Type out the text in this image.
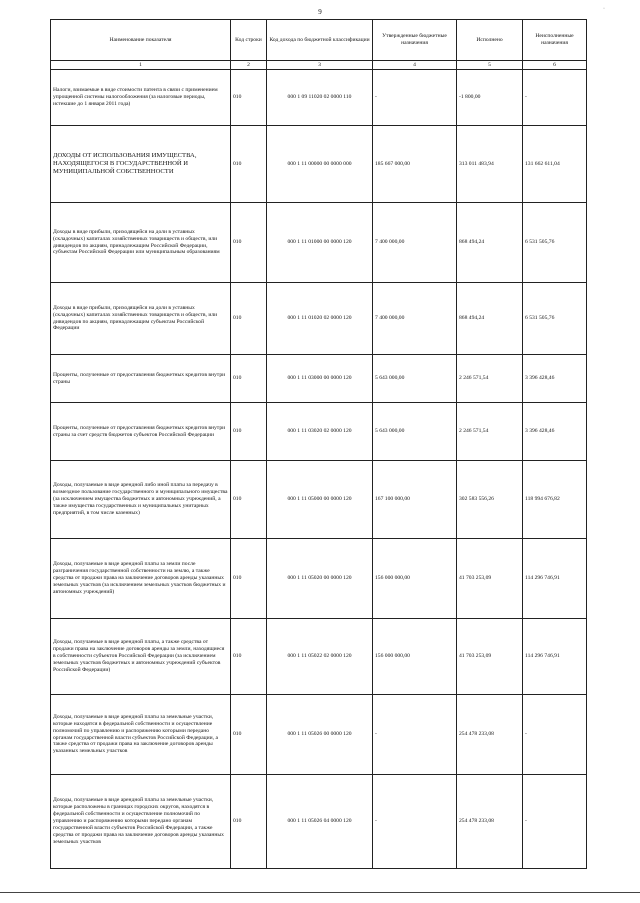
9	·
Наименование показателя	Код строки	Код дохода по бюджетной классификации	Утвержденные бюджетные назначения	Исполнено	Неисполненные назначения
1	2	3	4	5	6
Налоги, взимаемые в виде стоимости патента в связи с применением упрощенной системы налогообложения (за налоговые периоды, истекшие до 1 января 2011 года)	010	000 1 09 11020 02 0000 110	-	-1 800,00	-
ДОХОДЫ ОТ ИСПОЛЬЗОВАНИЯ ИМУЩЕСТВА, НАХОДЯЩЕГОСЯ В ГОСУДАРСТВЕННОЙ И МУНИЦИПАЛЬНОЙ СОБСТВЕННОСТИ	010	000 1 11 00000 00 0000 000	185 667 000,00	313 011 483,94	131 662 611,04
Доходы в виде прибыли, приходящейся на доли в уставных (складочных) капиталах хозяйственных товариществ и обществ, или дивидендов по акциям, принадлежащим Российской Федерации, субъектам Российской Федерации или муниципальным образованиям	010	000 1 11 01000 00 0000 120	7 400 000,00	868 494,24	6 531 505,76
Доходы в виде прибыли, приходящейся на доли в уставных (складочных) капиталах хозяйственных товариществ и обществ, или дивидендов по акциям, принадлежащим субъектам Российской Федерации	010	000 1 11 01020 02 0000 120	7 400 000,00	868 494,24	6 531 505,76
Проценты, полученные от предоставления бюджетных кредитов внутри страны	010	000 1 11 03000 00 0000 120	5 643 000,00	2 246 571,54	3 396 428,46
Проценты, полученные от предоставления бюджетных кредитов внутри страны за счет средств бюджетов субъектов Российской Федерации	010	000 1 11 03020 02 0000 120	5 643 000,00	2 246 571,54	3 396 428,46
Доходы, получаемые в виде арендной либо иной платы за передачу в возмездное пользование государственного и муниципального имущества (за исключением имущества бюджетных и автономных учреждений, а также имущества государственных и муниципальных унитарных предприятий, в том числе казенных)	010	000 1 11 05000 00 0000 120	167 100 000,00	302 583 556,26	118 994 676,82
Доходы, получаемые в виде арендной платы за земли после разграничения государственной собственности на землю, а также средства от продажи права на заключение договоров аренды указанных земельных участков (за исключением земельных участков бюджетных и автономных учреждений)	010	000 1 11 05020 00 0000 120	156 000 000,00	41 703 253,09	114 296 746,91
Доходы, получаемые в виде арендной платы, а также средства от продажи права на заключение договоров аренды за земли, находящиеся в собственности субъектов Российской Федерации (за исключением земельных участков бюджетных и автономных учреждений субъектов Российской Федерации)	010	000 1 11 05022 02 0000 120	156 000 000,00	41 703 253,09	114 296 746,91
Доходы, получаемые в виде арендной платы за земельные участки, которые находятся в федеральной собственности и осуществление полномочий по управлению и распоряжению которыми передано органам государственной власти субъектов Российской Федерации, а также средства от продажи права на заключение договоров аренды указанных земельных участков	010	000 1 11 05026 00 0000 120	-	254 478 233,08	-
Доходы, получаемые в виде арендной платы за земельные участки, которые расположены в границах городских округов, находятся в федеральной собственности и осуществление полномочий по управлению и распоряжению которыми передано органам государственной власти субъектов Российской Федерации, а также средства от продажи права на заключение договоров аренды указанных земельных участков	010	000 1 11 05026 04 0000 120	-	254 478 233,08	-
